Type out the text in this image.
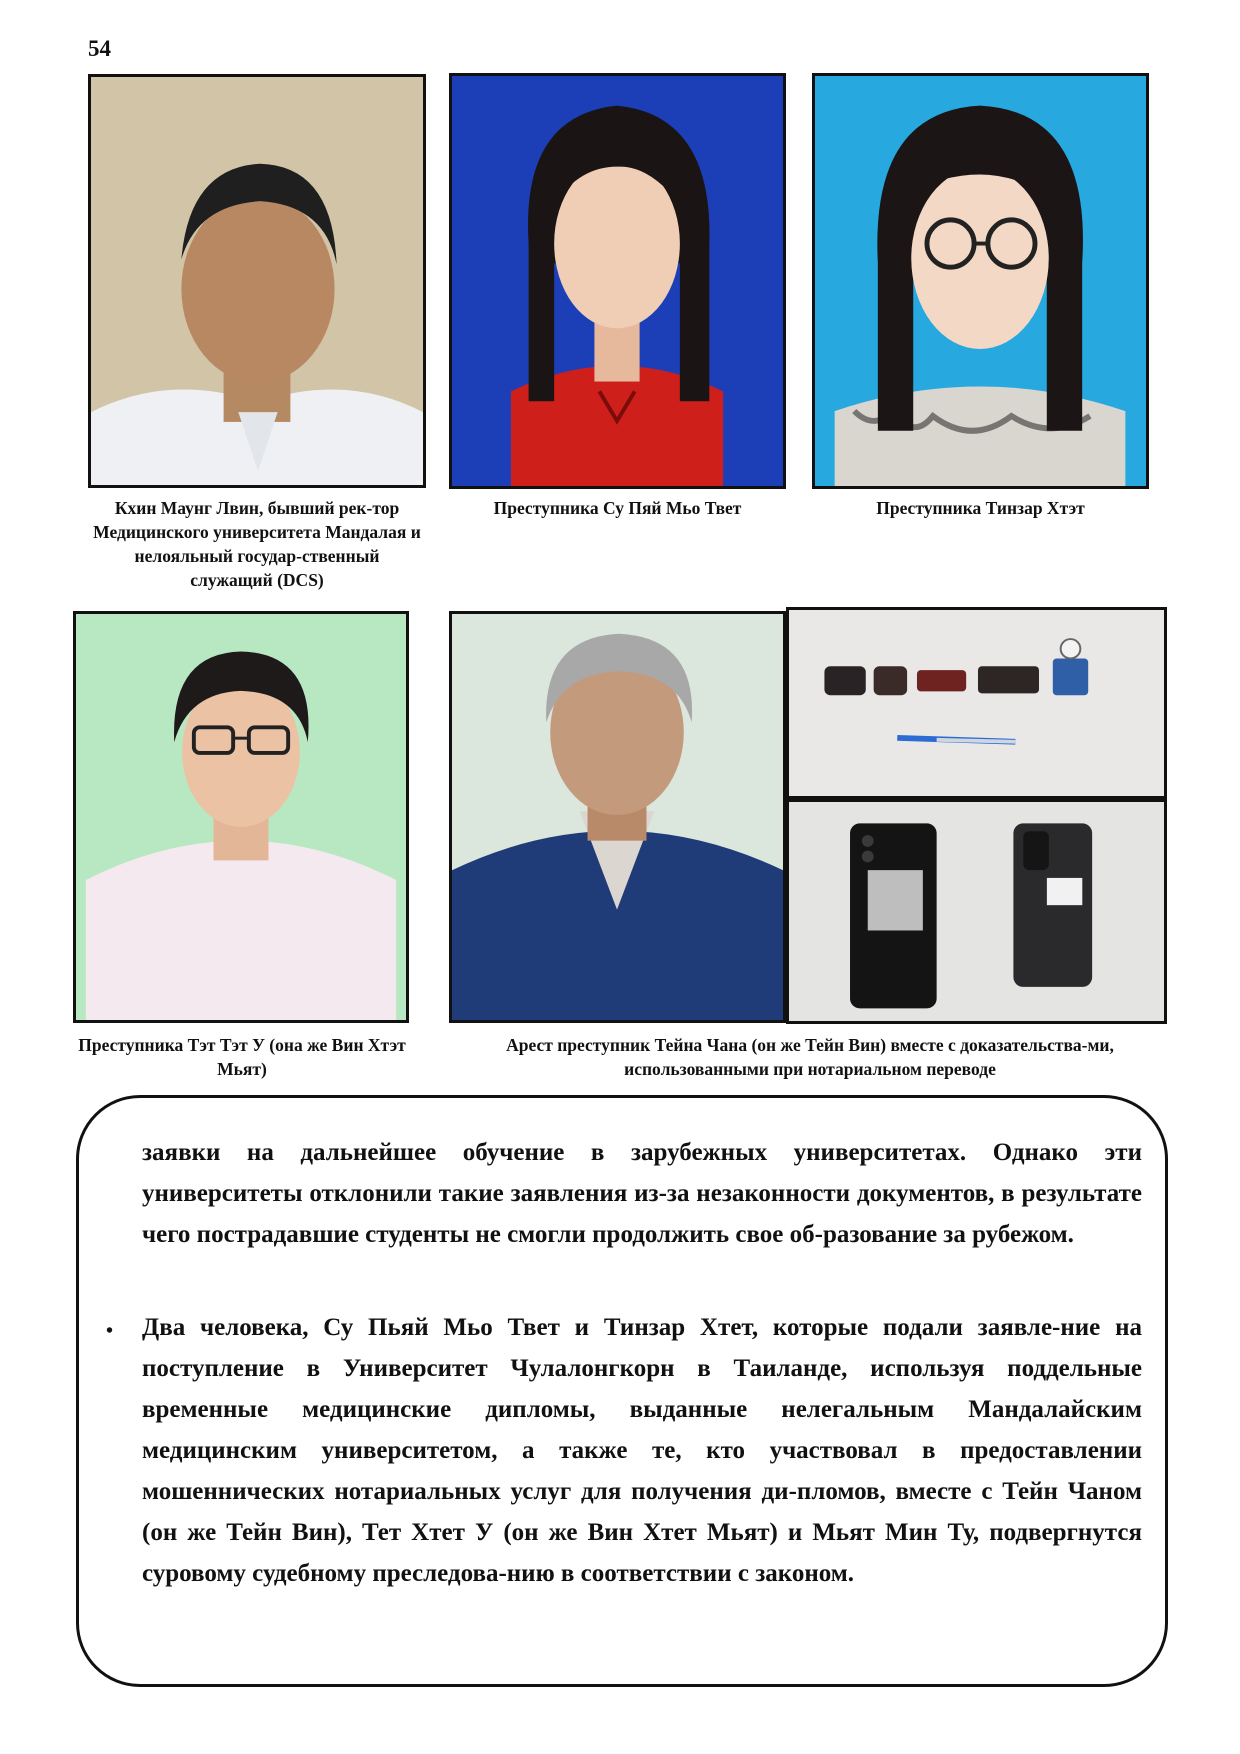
54
Кхин Маунг Лвин, бывший рек-тор Медицинского университета Мандалая и нелояльный государ-ственный служащий (DCS)
Преступника Су Пяй Мьо Твет	Преступника Тинзар Хтэт
Преступника Тэт Тэт У (она же Вин Хтэт Мьят)
Арест преступник Тейна Чана (он же Тейн Вин) вместе с доказательства-ми, использованными при нотариальном переводе
заявки на дальнейшее обучение в зарубежных университетах. Однако эти университеты отклонили такие заявления из-за незаконности документов, в результате чего пострадавшие студенты не смогли продолжить свое об-разование за рубежом.
• Два человека, Су Пьяй Мьо Твет и Тинзар Хтет, которые подали заявле-ние на поступление в Университет Чулалонгкорн в Таиланде, используя поддельные временные медицинские дипломы, выданные нелегальным Мандалайским медицинским университетом, а также те, кто участвовал в предоставлении мошеннических нотариальных услуг для получения ди-пломов, вместе с Тейн Чаном (он же Тейн Вин), Тет Хтет У (он же Вин Хтет Мьят) и Мьят Мин Ту, подвергнутся суровому судебному преследова-нию в соответствии с законом.
